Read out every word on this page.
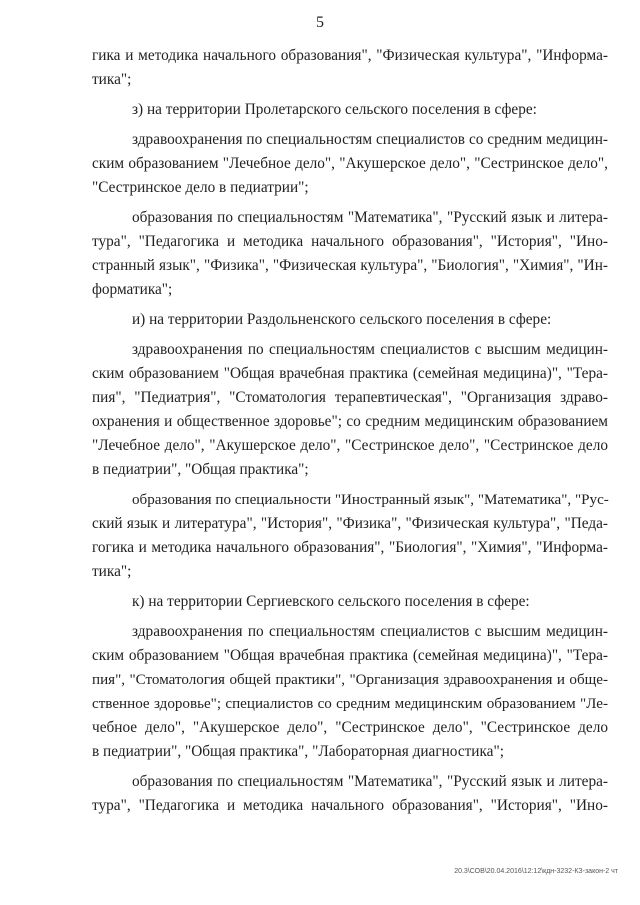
5
гика и методика начального образования", "Физическая культура", "Информа-
тика";
з) на территории Пролетарского сельского поселения в сфере:
здравоохранения по специальностям специалистов со средним медицин-
ским образованием "Лечебное дело", "Акушерское дело", "Сестринское дело",
"Сестринское дело в педиатрии";
образования по специальностям "Математика", "Русский язык и литера-
тура", "Педагогика и методика начального образования", "История", "Ино-
странный язык", "Физика", "Физическая культура", "Биология", "Химия", "Ин-
форматика";
и) на территории Раздольненского сельского поселения в сфере:
здравоохранения по специальностям специалистов с высшим медицин-
ским образованием "Общая врачебная практика (семейная медицина)", "Тера-
пия", "Педиатрия", "Стоматология терапевтическая", "Организация здраво-
охранения и общественное здоровье"; со средним медицинским образованием
"Лечебное дело", "Акушерское дело", "Сестринское дело", "Сестринское дело
в педиатрии", "Общая практика";
образования по специальности "Иностранный язык", "Математика", "Рус-
ский язык и литература", "История", "Физика", "Физическая культура", "Педа-
гогика и методика начального образования", "Биология", "Химия", "Информа-
тика";
к) на территории Сергиевского сельского поселения в сфере:
здравоохранения по специальностям специалистов с высшим медицин-
ским образованием "Общая врачебная практика (семейная медицина)", "Тера-
пия", "Стоматология общей практики", "Организация здравоохранения и обще-
ственное здоровье"; специалистов со средним медицинским образованием "Ле-
чебное дело", "Акушерское дело", "Сестринское дело", "Сестринское дело
в педиатрии", "Общая практика", "Лабораторная диагностика";
образования по специальностям "Математика", "Русский язык и литера-
тура", "Педагогика и методика начального образования", "История", "Ино-
20.3\СОВ\20.04.2016\12:12\кдн-3232-КЗ-закон-2 чт
